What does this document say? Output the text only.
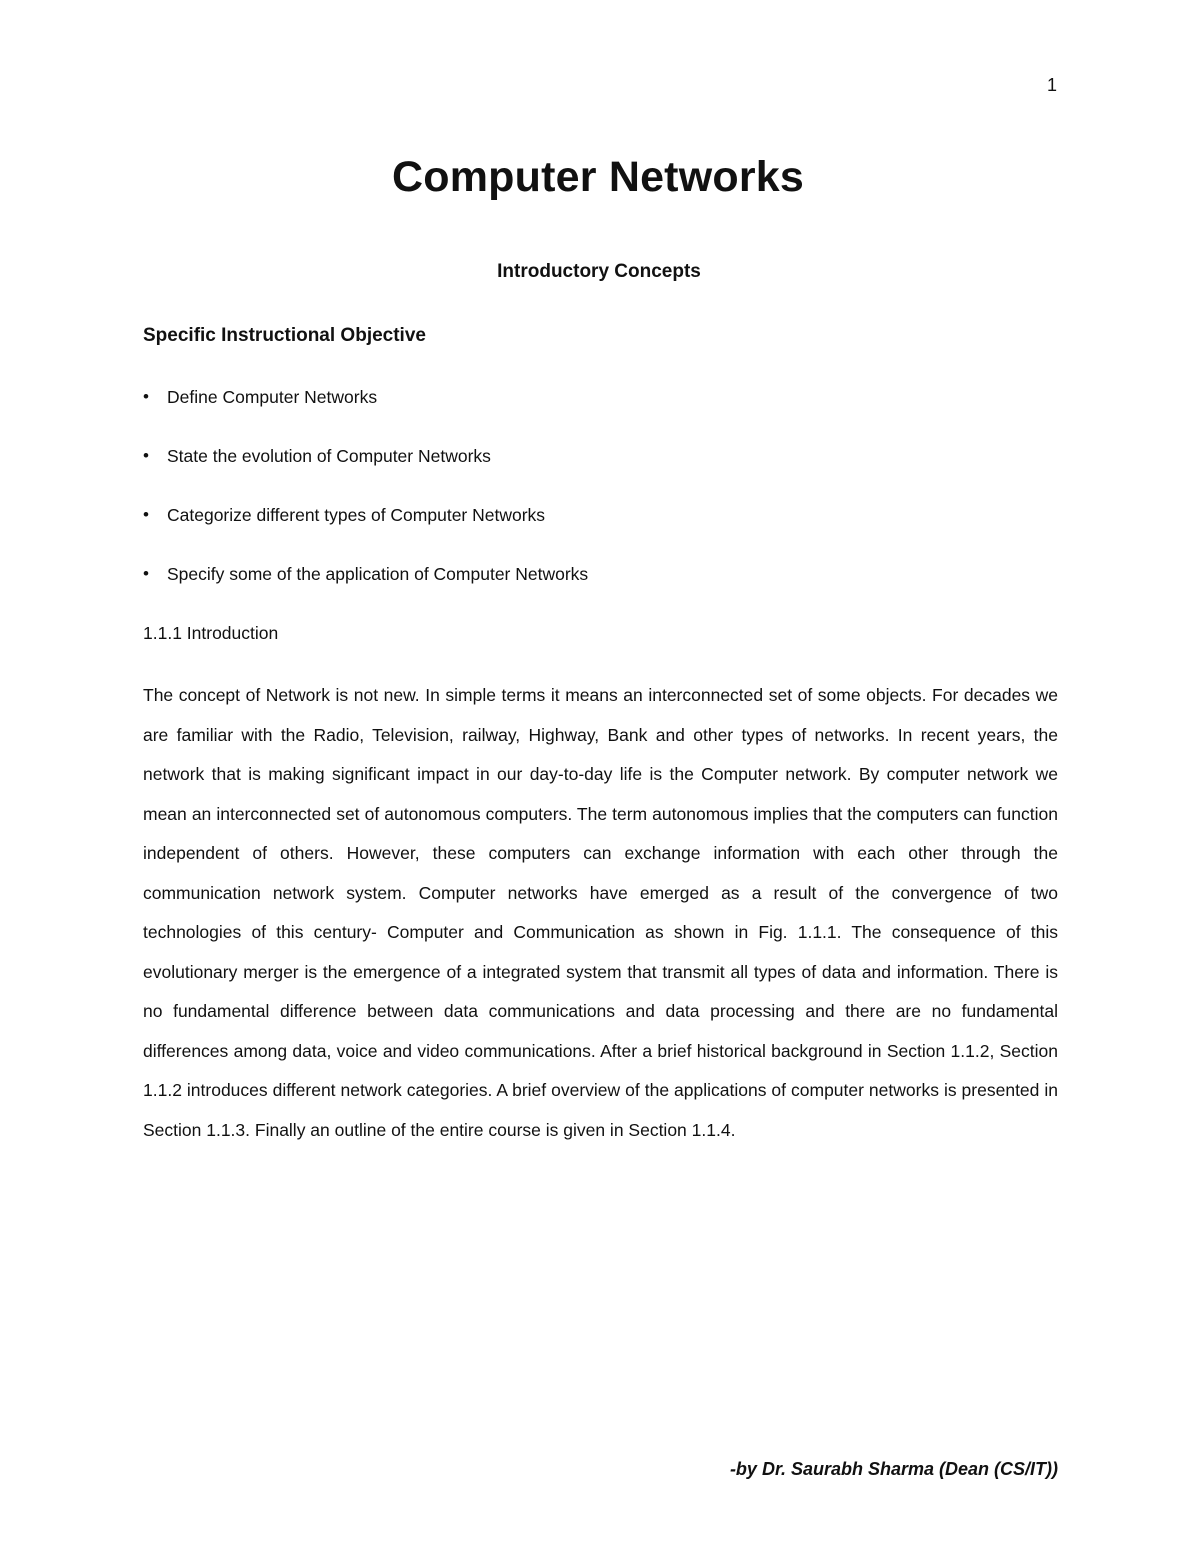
1
Computer Networks
Introductory Concepts
Specific Instructional Objective
• Define Computer Networks
• State the evolution of Computer Networks
• Categorize different types of Computer Networks
• Specify some of the application of Computer Networks
1.1.1 Introduction

The concept of Network is not new. In simple terms it means an interconnected set of some objects. For decades we are familiar with the Radio, Television, railway, Highway, Bank and other types of networks. In recent years, the network that is making significant impact in our day-to-day life is the Computer network. By computer network we mean an interconnected set of autonomous computers. The term autonomous implies that the computers can function independent of others. However, these computers can exchange information with each other through the communication network system. Computer networks have emerged as a result of the convergence of two technologies of this century- Computer and Communication as shown in Fig. 1.1.1. The consequence of this evolutionary merger is the emergence of a integrated system that transmit all types of data and information. There is no fundamental difference between data communications and data processing and there are no fundamental differences among data, voice and video communications. After a brief historical background in Section 1.1.2, Section 1.1.2 introduces different network categories. A brief overview of the applications of computer networks is presented in Section 1.1.3. Finally an outline of the entire course is given in Section 1.1.4.

-by Dr. Saurabh Sharma (Dean (CS/IT))
